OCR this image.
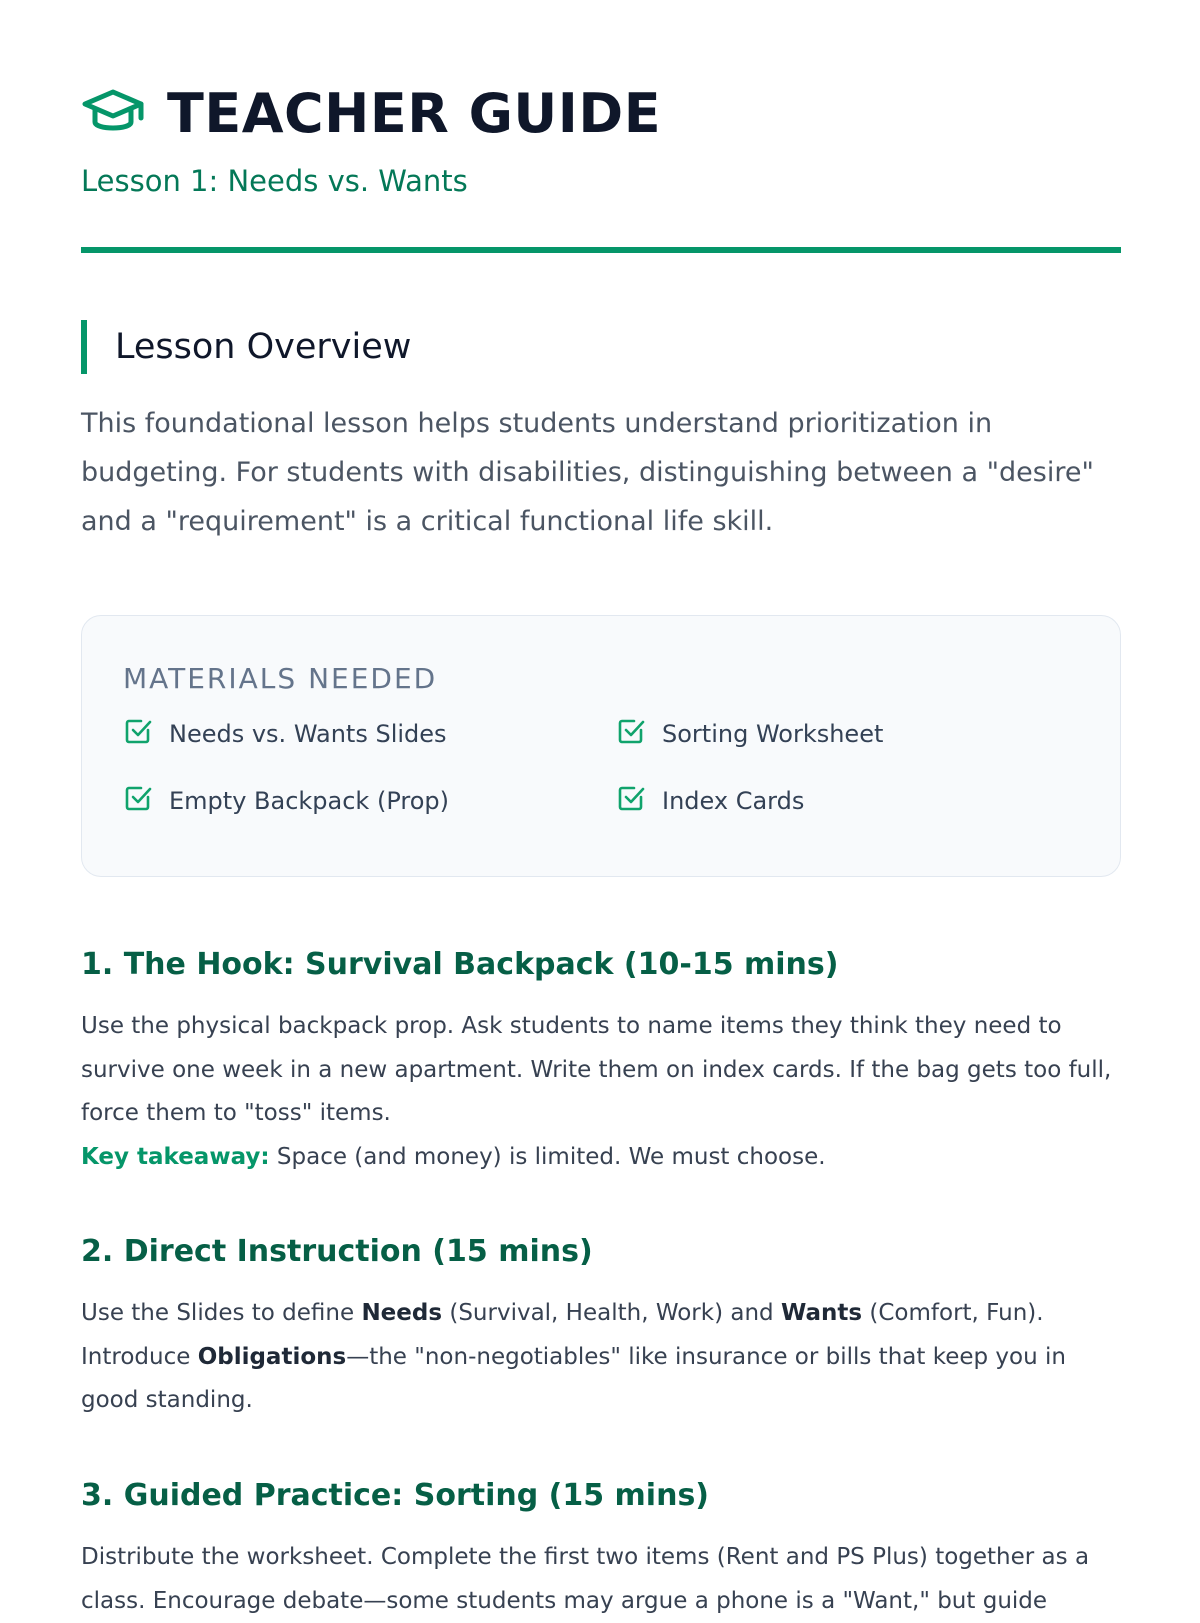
TEACHER GUIDE
Lesson 1: Needs vs. Wants
Lesson Overview

This foundational lesson helps students understand prioritization in budgeting. For students with disabilities, distinguishing between a "desire" and a "requirement" is a critical functional life skill.

MATERIALS NEEDED
Needs vs. Wants Slides	Sorting Worksheet
Empty Backpack (Prop)	Index Cards
1. The Hook: Survival Backpack (10-15 mins)

Use the physical backpack prop. Ask students to name items they think they need to survive one week in a new apartment. Write them on index cards. If the bag gets too full, force them to "toss" items.
Key takeaway: Space (and money) is limited. We must choose.

2. Direct Instruction (15 mins)

Use the Slides to define Needs (Survival, Health, Work) and Wants (Comfort, Fun). Introduce Obligations—the "non-negotiables" like insurance or bills that keep you in good standing.

3. Guided Practice: Sorting (15 mins)

Distribute the worksheet. Complete the first two items (Rent and PS Plus) together as a class. Encourage debate—some students may argue a phone is a "Want," but guide
